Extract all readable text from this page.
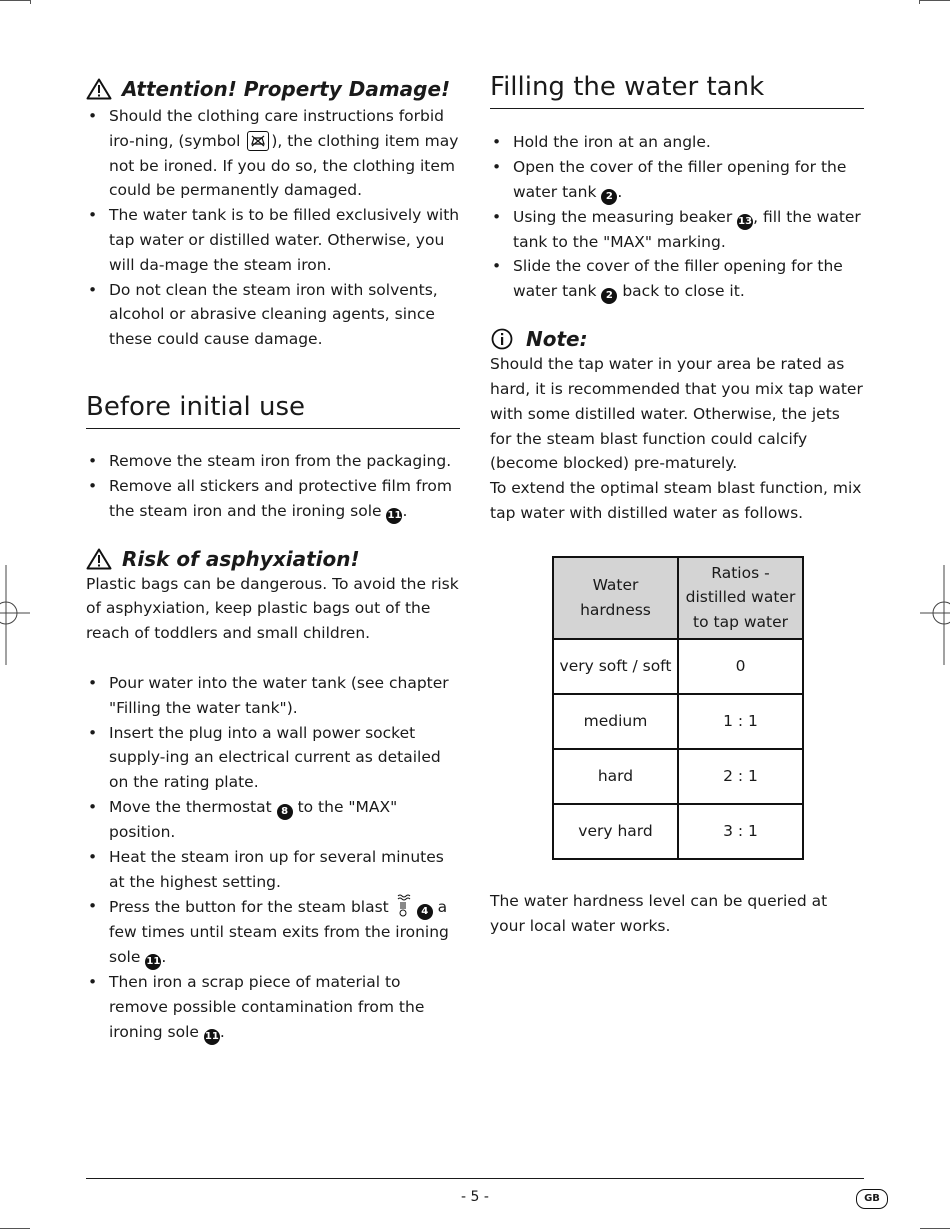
Attention! Property Damage!
• Should the clothing care instructions forbid iro-ning, (symbol ), the clothing item may not be ironed. If you do so, the clothing item could be permanently damaged.
• The water tank is to be filled exclusively with tap water or distilled water. Otherwise, you will da-mage the steam iron.
• Do not clean the steam iron with solvents, alcohol or abrasive cleaning agents, since these could cause damage.
Before initial use
• Remove the steam iron from the packaging.
• Remove all stickers and protective film from the steam iron and the ironing sole 11.
Risk of asphyxiation!

Plastic bags can be dangerous. To avoid the risk of asphyxiation, keep plastic bags out of the reach of toddlers and small children.

• Pour water into the water tank (see chapter "Filling the water tank").
• Insert the plug into a wall power socket supply-ing an electrical current as detailed on the rating plate.
• Move the thermostat 8 to the "MAX" position.
• Heat the steam iron up for several minutes at the highest setting.
• Press the button for the steam blast	4 a few times until steam exits from the ironing sole 11.
• Then iron a scrap piece of material to remove possible contamination from the ironing sole 11.
Filling the water tank
• Hold the iron at an angle.
• Open the cover of the filler opening for the water tank 2 .
• Using the measuring beaker 13, fill the water tank to the "MAX" marking.
• Slide the cover of the filler opening for the water tank 2 back to close it.
Note:

Should the tap water in your area be rated as hard, it is recommended that you mix tap water with some distilled water. Otherwise, the jets for the steam blast function could calcify (become blocked) pre-maturely.

To extend the optimal steam blast function, mix tap water with distilled water as follows.

Water hardness	Ratios - distilled water to tap water
very soft / soft	0
medium	1 : 1
hard	2 : 1
very hard	3 : 1

The water hardness level can be queried at your local water works.

- 5 -	GB
